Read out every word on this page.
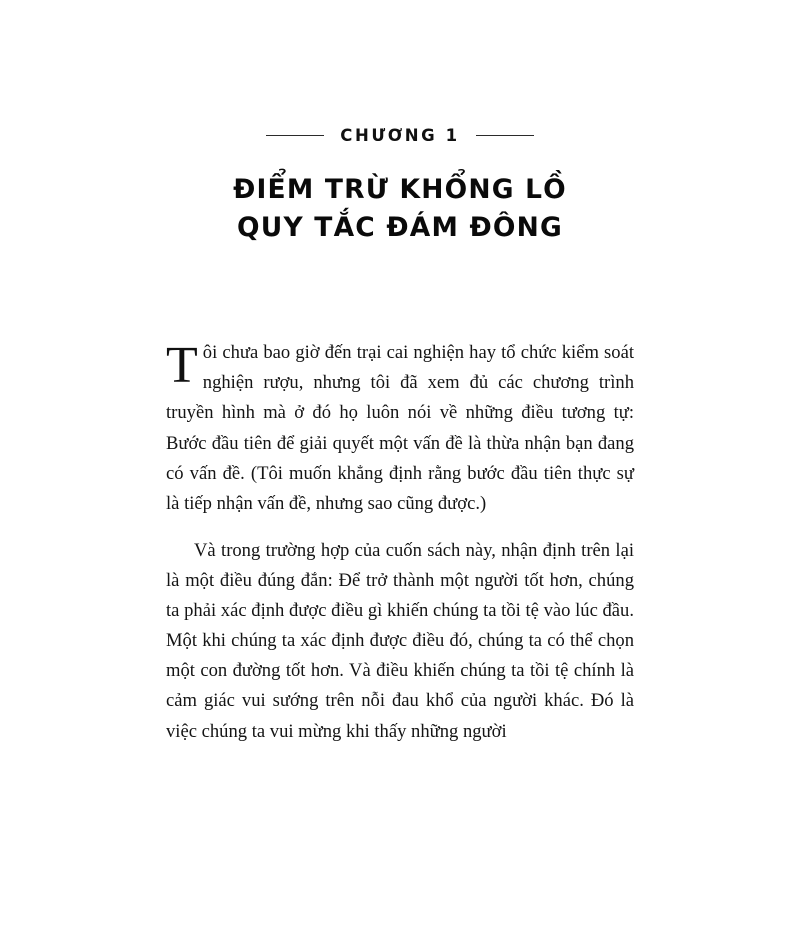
CHƯƠNG 1
ĐIỂM TRỪ KHỔNG LỒ
QUY TẮC ĐÁM ĐÔNG

Tôi chưa bao giờ đến trại cai nghiện hay tổ chức kiểm soát nghiện rượu, nhưng tôi đã xem đủ các chương trình truyền hình mà ở đó họ luôn nói về những điều tương tự: Bước đầu tiên để giải quyết một vấn đề là thừa nhận bạn đang có vấn đề. (Tôi muốn khẳng định rằng bước đầu tiên thực sự là tiếp nhận vấn đề, nhưng sao cũng được.)

Và trong trường hợp của cuốn sách này, nhận định trên lại là một điều đúng đắn: Để trở thành một người tốt hơn, chúng ta phải xác định được điều gì khiến chúng ta tồi tệ vào lúc đầu. Một khi chúng ta xác định được điều đó, chúng ta có thể chọn một con đường tốt hơn. Và điều khiến chúng ta tồi tệ chính là cảm giác vui sướng trên nỗi đau khổ của người khác. Đó là việc chúng ta vui mừng khi thấy những người
